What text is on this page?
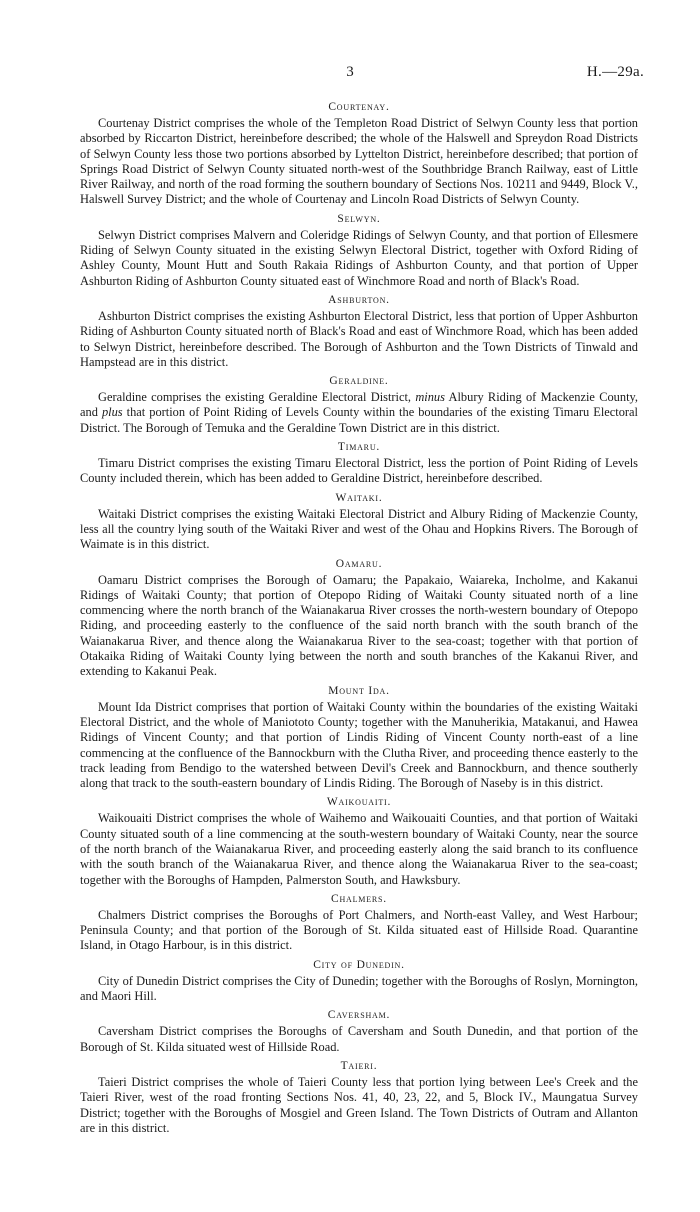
3	H.—29a.
Courtenay.

Courtenay District comprises the whole of the Templeton Road District of Selwyn County less that portion absorbed by Riccarton District, hereinbefore described; the whole of the Halswell and Spreydon Road Districts of Selwyn County less those two portions absorbed by Lyttelton District, hereinbefore described; that portion of Springs Road District of Selwyn County situated north-west of the Southbridge Branch Railway, east of Little River Railway, and north of the road forming the southern boundary of Sections Nos. 10211 and 9449, Block V., Halswell Survey District; and the whole of Courtenay and Lincoln Road Districts of Selwyn County.

Selwyn.

Selwyn District comprises Malvern and Coleridge Ridings of Selwyn County, and that portion of Ellesmere Riding of Selwyn County situated in the existing Selwyn Electoral District, together with Oxford Riding of Ashley County, Mount Hutt and South Rakaia Ridings of Ashburton County, and that portion of Upper Ashburton Riding of Ashburton County situated east of Winchmore Road and north of Black's Road.

Ashburton.

Ashburton District comprises the existing Ashburton Electoral District, less that portion of Upper Ashburton Riding of Ashburton County situated north of Black's Road and east of Winchmore Road, which has been added to Selwyn District, hereinbefore described. The Borough of Ashburton and the Town Districts of Tinwald and Hampstead are in this district.

Geraldine.

Geraldine comprises the existing Geraldine Electoral District, minus Albury Riding of Mackenzie County, and plus that portion of Point Riding of Levels County within the boundaries of the existing Timaru Electoral District. The Borough of Temuka and the Geraldine Town District are in this district.

Timaru.

Timaru District comprises the existing Timaru Electoral District, less the portion of Point Riding of Levels County included therein, which has been added to Geraldine District, hereinbefore described.

Waitaki.

Waitaki District comprises the existing Waitaki Electoral District and Albury Riding of Mackenzie County, less all the country lying south of the Waitaki River and west of the Ohau and Hopkins Rivers. The Borough of Waimate is in this district.

Oamaru.

Oamaru District comprises the Borough of Oamaru; the Papakaio, Waiareka, Incholme, and Kakanui Ridings of Waitaki County; that portion of Otepopo Riding of Waitaki County situated north of a line commencing where the north branch of the Waianakarua River crosses the north-western boundary of Otepopo Riding, and proceeding easterly to the confluence of the said north branch with the south branch of the Waianakarua River, and thence along the Waianakarua River to the sea-coast; together with that portion of Otakaika Riding of Waitaki County lying between the north and south branches of the Kakanui River, and extending to Kakanui Peak.

Mount Ida.

Mount Ida District comprises that portion of Waitaki County within the boundaries of the existing Waitaki Electoral District, and the whole of Maniototo County; together with the Manuherikia, Matakanui, and Hawea Ridings of Vincent County; and that portion of Lindis Riding of Vincent County north-east of a line commencing at the confluence of the Bannockburn with the Clutha River, and proceeding thence easterly to the track leading from Bendigo to the watershed between Devil's Creek and Bannockburn, and thence southerly along that track to the south-eastern boundary of Lindis Riding. The Borough of Naseby is in this district.

Waikouaiti.

Waikouaiti District comprises the whole of Waihemo and Waikouaiti Counties, and that portion of Waitaki County situated south of a line commencing at the south-western boundary of Waitaki County, near the source of the north branch of the Waianakarua River, and proceeding easterly along the said branch to its confluence with the south branch of the Waianakarua River, and thence along the Waianakarua River to the sea-coast; together with the Boroughs of Hampden, Palmerston South, and Hawksbury.

Chalmers.

Chalmers District comprises the Boroughs of Port Chalmers, and North-east Valley, and West Harbour; Peninsula County; and that portion of the Borough of St. Kilda situated east of Hillside Road. Quarantine Island, in Otago Harbour, is in this district.

City of Dunedin.

City of Dunedin District comprises the City of Dunedin; together with the Boroughs of Roslyn, Mornington, and Maori Hill.

Caversham.

Caversham District comprises the Boroughs of Caversham and South Dunedin, and that portion of the Borough of St. Kilda situated west of Hillside Road.

Taieri.

Taieri District comprises the whole of Taieri County less that portion lying between Lee's Creek and the Taieri River, west of the road fronting Sections Nos. 41, 40, 23, 22, and 5, Block IV., Maungatua Survey District; together with the Boroughs of Mosgiel and Green Island. The Town Districts of Outram and Allanton are in this district.
